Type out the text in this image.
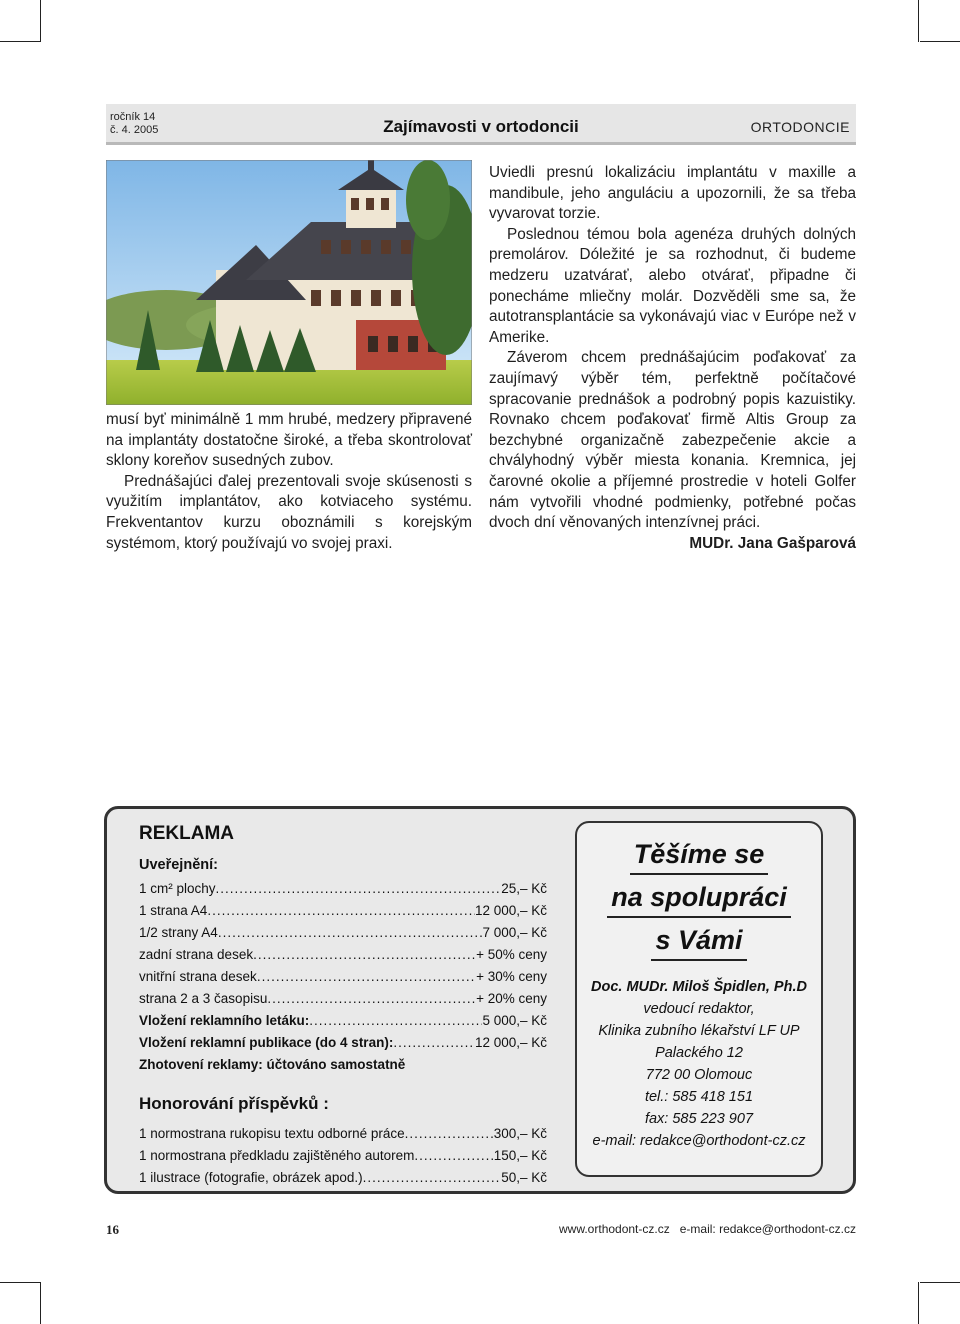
ročník 14
č. 4. 2005	Zajímavosti v ortodoncii	ORTODONCIE

musí byť minimálně 1 mm hrubé, medzery připravené na implantáty dostatočne široké, a třeba skontrolovať sklony koreňov susedných zubov.

Prednášajúci ďalej prezentovali svoje skúsenosti s využitím implantátov, ako kotviaceho systému. Frekventantov kurzu oboznámili s korejským systémom, ktorý používajú vo svojej praxi.

Uviedli presnú lokalizáciu implantátu v maxille a mandibule, jeho anguláciu a upozornili, že sa třeba vyvarovat torzie.

Poslednou témou bola agenéza druhých dolných premolárov. Dóležité je sa rozhodnut, či budeme medzeru uzatvárať, alebo otvárať, připadne či ponecháme mliečny molár. Dozvěděli sme sa, že autotransplantácie sa vykonávajú viac v Európe než v Amerike.

Záverom chcem prednášajúcim poďakovať za zaujímavý výběr tém, perfektně počítačové spracovanie prednášok a podrobný popis kazuistiky. Rovnako chcem poďakovať firmě Altis Group za bezchybné organizačně zabezpečenie akcie a chvályhodný výběr miesta konania. Kremnica, jej čarovné okolie a příjemné prostredie v hoteli Golfer nám vytvořili vhodné podmienky, potřebné počas dvoch dní věnovaných intenzívnej práci.

MUDr. Jana Gašparová

REKLAMA
Uveřejnění:
1 cm² plochy .....	25,– Kč
1 strana A4 .....	12 000,– Kč
1/2 strany A4 .....	7 000,– Kč
zadní strana desek .....	+ 50% ceny
vnitřní strana desek .....	+ 30% ceny
strana 2 a 3 časopisu .....	+ 20% ceny
Vložení reklamního letáku: .....	5 000,– Kč
Vložení reklamní publikace (do 4 stran): .....	12 000,– Kč
Zhotovení reklamy: účtováno samostatně
Honorování příspěvků :
1 normostrana rukopisu textu odborné práce .....	300,– Kč
1 normostrana předkladu zajištěného autorem .....	150,– Kč
1 ilustrace (fotografie, obrázek apod.) .....	50,– Kč
Těšíme se
na spolupráci
s Vámi
Doc. MUDr. Miloš Špidlen, Ph.D
vedoucí redaktor,
Klinika zubního lékařství LF UP
Palackého 12
772 00 Olomouc
tel.: 585 418 151
fax: 585 223 907
e-mail: redakce@orthodont-cz.cz
16	www.orthodont-cz.cz e-mail: redakce@orthodont-cz.cz
